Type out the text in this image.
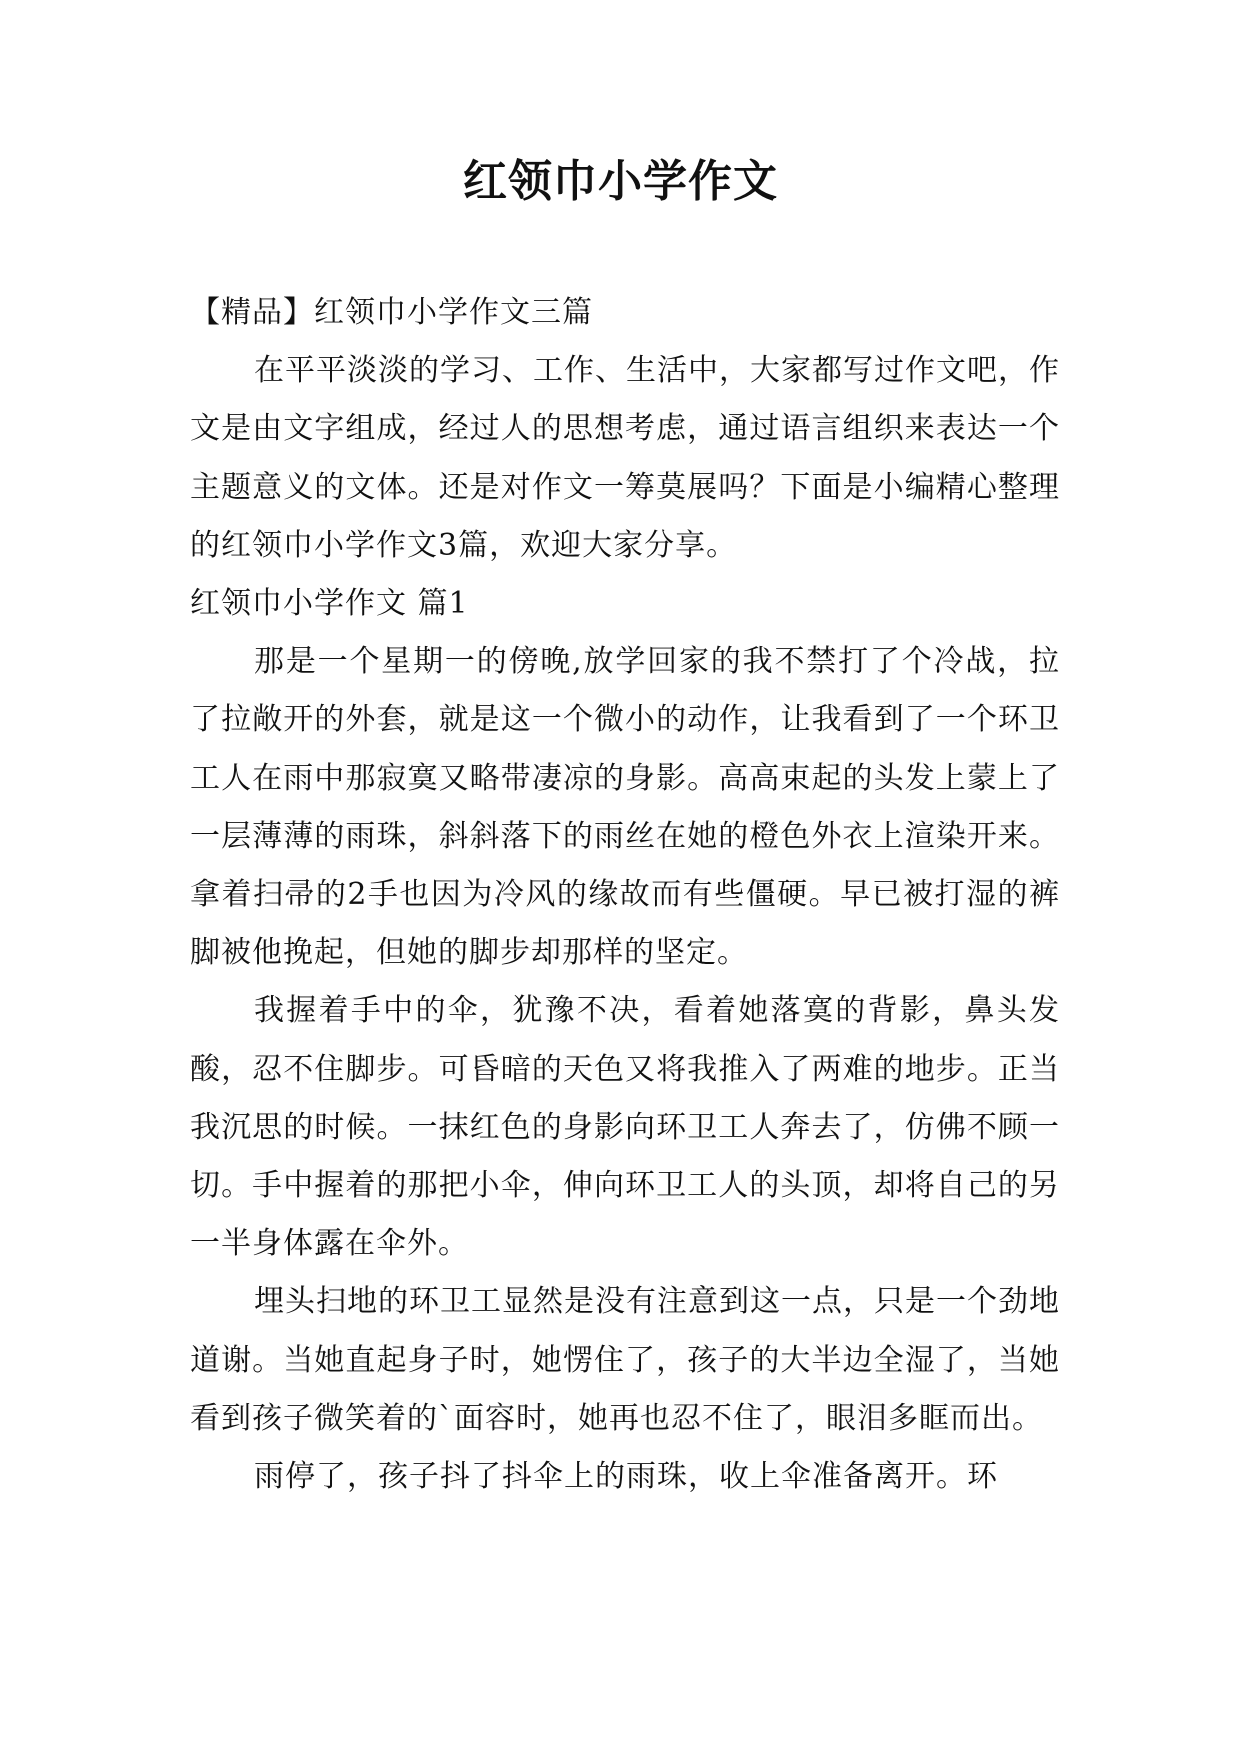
红领巾小学作文

【精品】红领巾小学作文三篇

在平平淡淡的学习、工作、生活中，大家都写过作文吧，作文是由文字组成，经过人的思想考虑，通过语言组织来表达一个主题意义的文体。还是对作文一筹莫展吗？下面是小编精心整理的红领巾小学作文3篇，欢迎大家分享。

红领巾小学作文 篇1

那是一个星期一的傍晚,放学回家的我不禁打了个冷战，拉了拉敞开的外套，就是这一个微小的动作，让我看到了一个环卫工人在雨中那寂寞又略带凄凉的身影。高高束起的头发上蒙上了一层薄薄的雨珠，斜斜落下的雨丝在她的橙色外衣上渲染开来。拿着扫帚的2手也因为冷风的缘故而有些僵硬。早已被打湿的裤脚被他挽起，但她的脚步却那样的坚定。

我握着手中的伞，犹豫不决，看着她落寞的背影，鼻头发酸，忍不住脚步。可昏暗的天色又将我推入了两难的地步。正当我沉思的时候。一抹红色的身影向环卫工人奔去了，仿佛不顾一切。手中握着的那把小伞，伸向环卫工人的头顶，却将自己的另一半身体露在伞外。

埋头扫地的环卫工显然是没有注意到这一点，只是一个劲地道谢。当她直起身子时，她愣住了，孩子的大半边全湿了，当她看到孩子微笑着的`面容时，她再也忍不住了，眼泪多眶而出。

雨停了，孩子抖了抖伞上的雨珠，收上伞准备离开。环
